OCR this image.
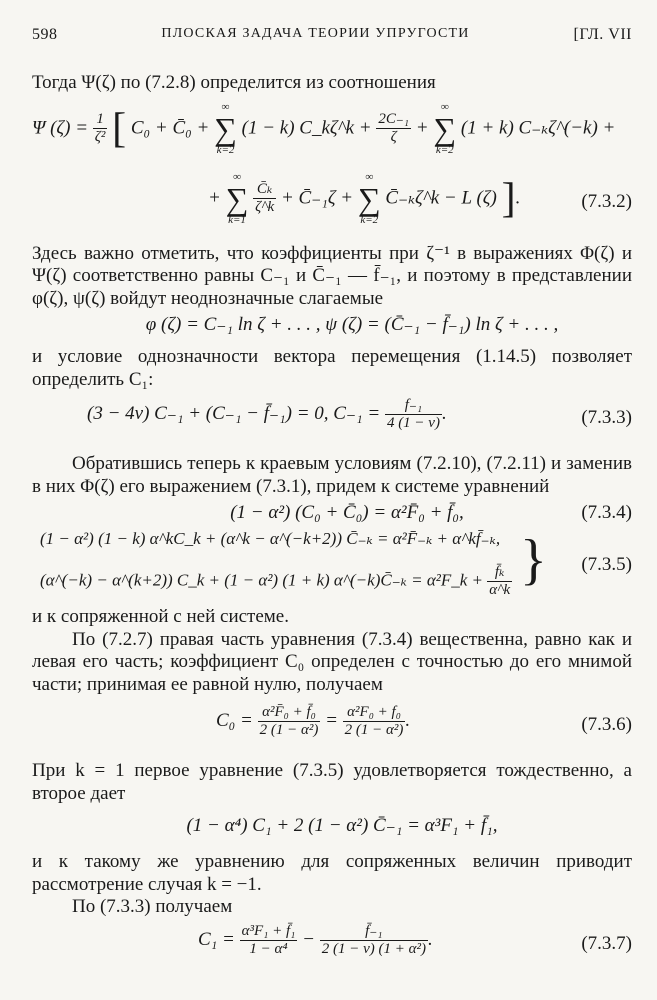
598	ПЛОСКАЯ ЗАДАЧА ТЕОРИИ УПРУГОСТИ	[ГЛ. VII

Тогда Ψ(ζ) по (7.2.8) определится из соотношения

Ψ $(\zeta) = \frac{1}{\text{ζ²}}$ [ C₀ + C̄₀ +
∞
∑
k=2
(1 − k) C_kζ^k + $\frac{\text{2C₋₁}}{\zeta}$ +
∞
∑
k=2
(1 + k) C₋ₖζ^(−k) +
+
∞
∑
k=1

$\frac{\text{C̄ₖ}}{\zeta\^{}k}$ + C̄₋₁ζ +
∞
∑
k=2
C̄₋ₖζ^k − L (ζ) ].	(7.3.2)

Здесь важно отметить, что коэффициенты при ζ⁻¹ в выражениях Φ(ζ) и Ψ(ζ) соответственно равны C₋₁ и C̄₋₁ — f̄₋₁, и поэтому в представлении φ(ζ), ψ(ζ) войдут неоднозначные слагаемые

φ (ζ) = C₋₁ ln ζ + . . . , ψ (ζ) = (C̄₋₁ − f̄₋₁) ln ζ + . . . ,

и условие однозначности вектора перемещения (1.14.5) позволяет определить C₁:

(3 − 4ν) C₋₁ + (C₋₁ − f̄₋₁) = 0, $C_{-1} = \frac{\text{f₋₁}}{4 (1 - \nu)}$ .	(7.3.3)

Обратившись теперь к краевым условиям (7.2.10), (7.2.11) и заменив в них Φ(ζ) его выражением (7.3.1), придем к системе уравнений

(1 − α²) (C₀ + C̄₀) = α²F̄₀ + f̄₀,	(7.3.4)
(1 − α²) (1 − k) α^kC_k + (α^k − α^(−k+2)) C̄₋ₖ = α²F̄₋ₖ + α^kf̄₋ₖ,
(α^(−k) − α^(k+2)) C_k + (1 − α²) (1 + k) α^(−k)C̄₋ₖ = α²F_k + $\frac{\text{f̄ₖ}}{\alpha\^{}k}$ } (7.3.5)

и к сопряженной с ней системе.

По (7.2.7) правая часть уравнения (7.3.4) вещественна, равно как и левая его часть; коэффициент C₀ определен с точностью до его мнимой части; принимая ее равной нулю, получаем

$C_0 = \frac{\text{α²F̄₀ + f̄₀}}{\text{2 (1 − α²)}} = \frac{\text{α²F₀ + f₀}}{\text{2 (1 − α²)}}$ .	(7.3.6)

При k = 1 первое уравнение (7.3.5) удовлетворяется тождественно, а второе дает

(1 − α⁴) C₁ + 2 (1 − α²) C̄₋₁ = α³F₁ + f̄₁,

и к такому же уравнению для сопряженных величин приводит рассмотрение случая k = −1.

По (7.3.3) получаем

$C_1 = \frac{\text{α³F₁ + f̄₁}}{\text{1 − α⁴}} - \frac{\text{f̄₋₁}}{\text{2 (1 − ν) (1 + α²)}}$ .	(7.3.7)
